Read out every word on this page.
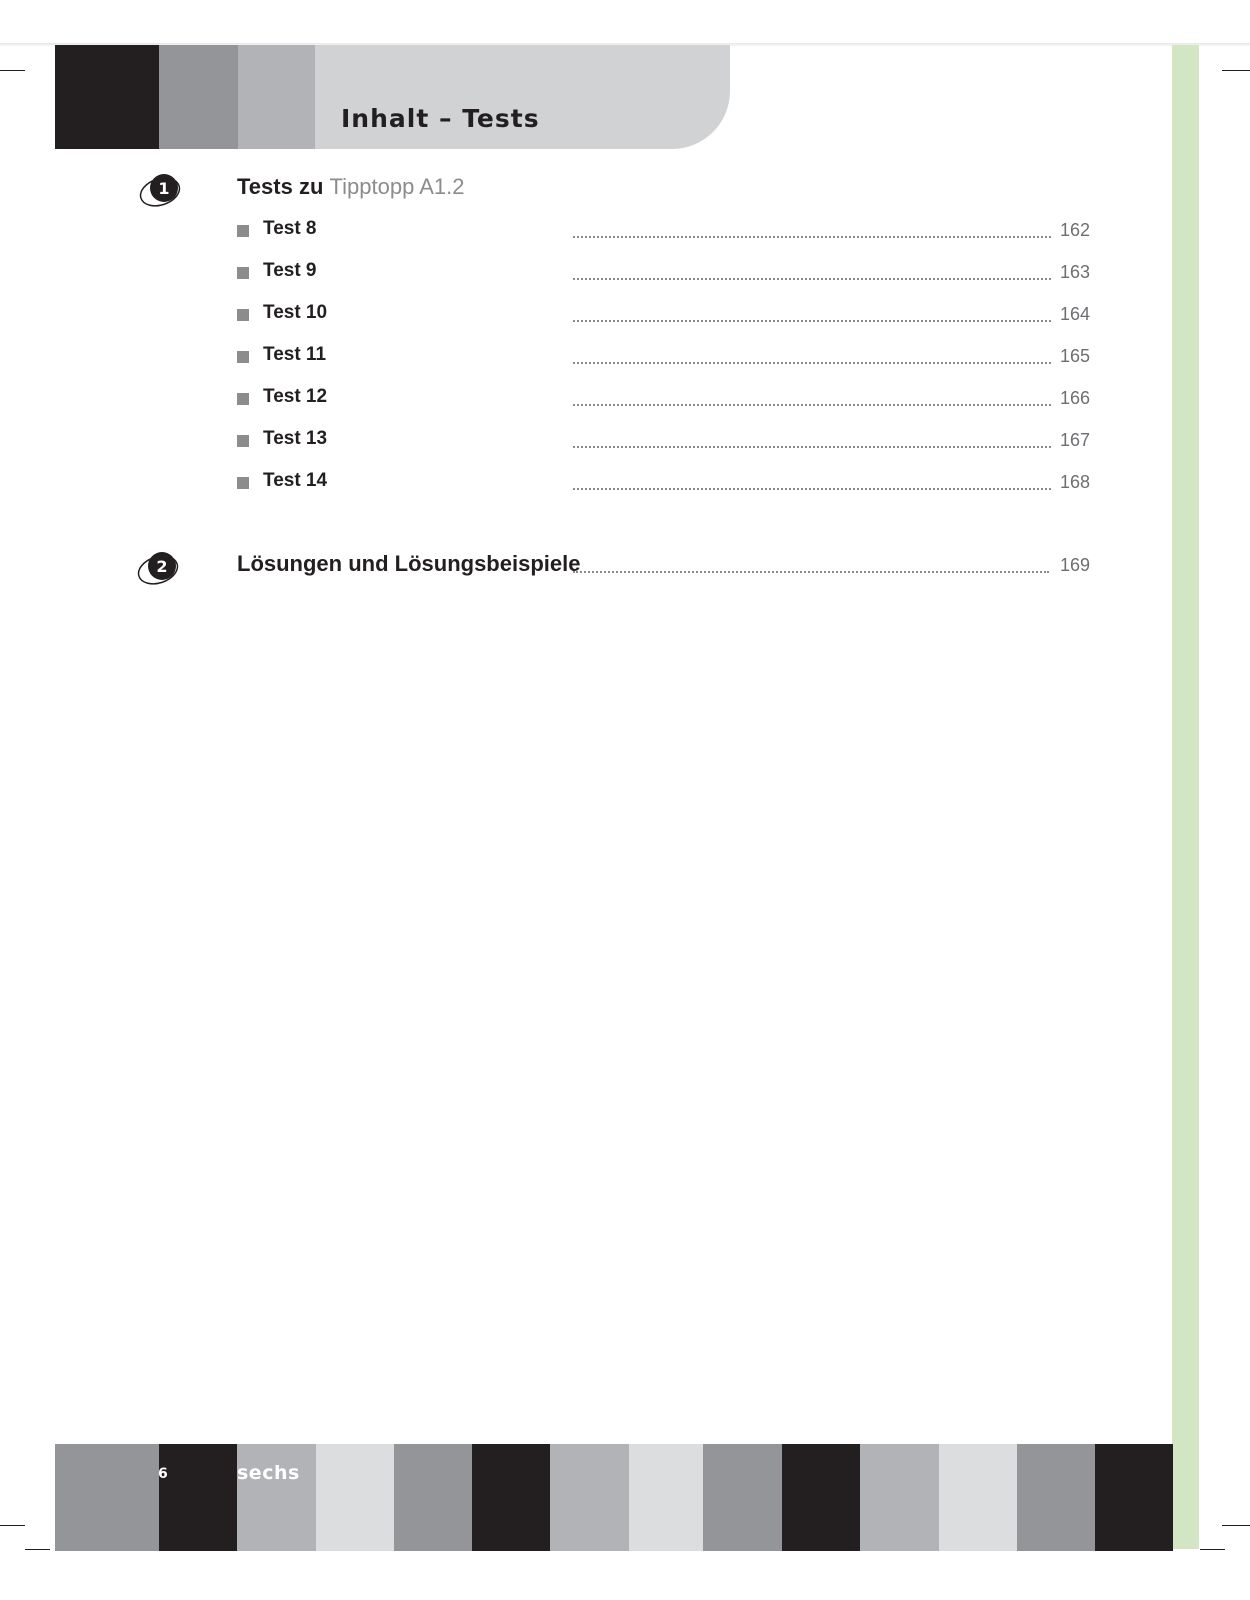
Inhalt – Tests
1	Tests zu Tipptopp A1.2
Test 8	162
Test 9	163
Test 10	164
Test 11	165
Test 12	166
Test 13	167
Test 14	168
2	Lösungen und Lösungsbeispiele	169
6	sechs
